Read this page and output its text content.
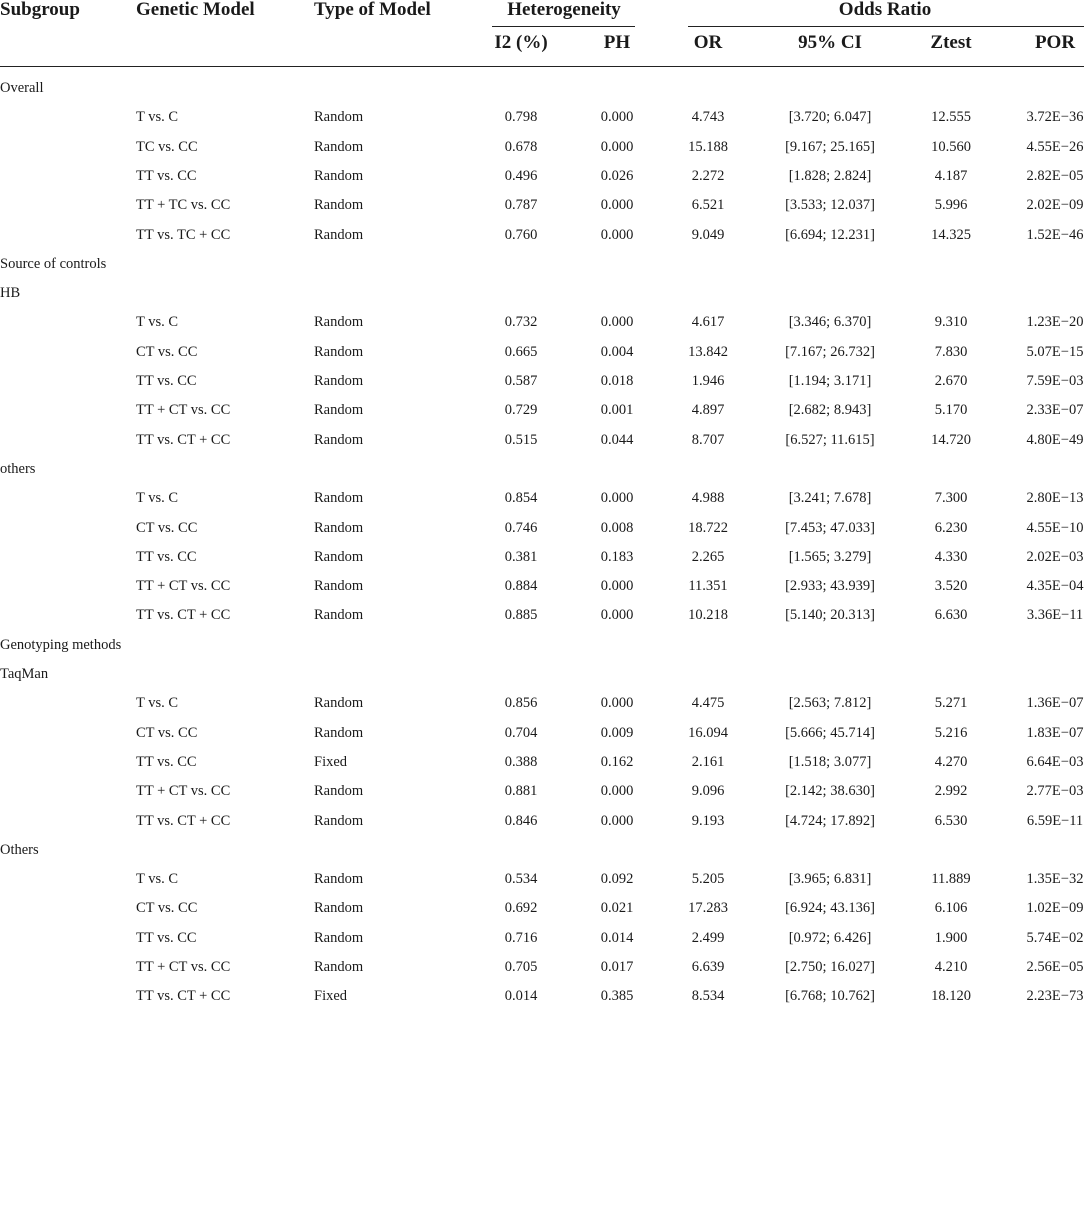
Subgroup	Genetic Model	Type of Model	Heterogeneity	Odds Ratio
I2 (%)	PH	OR	95% CI	Ztest	POR
Overall
T vs. C	Random	0.798	0.000	4.743	[3.720; 6.047]	12.555	3.72E−36
TC vs. CC	Random	0.678	0.000	15.188	[9.167; 25.165]	10.560	4.55E−26
TT vs. CC	Random	0.496	0.026	2.272	[1.828; 2.824]	4.187	2.82E−05
TT + TC vs. CC	Random	0.787	0.000	6.521	[3.533; 12.037]	5.996	2.02E−09
TT vs. TC + CC	Random	0.760	0.000	9.049	[6.694; 12.231]	14.325	1.52E−46
Source of controls
HB
T vs. C	Random	0.732	0.000	4.617	[3.346; 6.370]	9.310	1.23E−20
CT vs. CC	Random	0.665	0.004	13.842	[7.167; 26.732]	7.830	5.07E−15
TT vs. CC	Random	0.587	0.018	1.946	[1.194; 3.171]	2.670	7.59E−03
TT + CT vs. CC	Random	0.729	0.001	4.897	[2.682; 8.943]	5.170	2.33E−07
TT vs. CT + CC	Random	0.515	0.044	8.707	[6.527; 11.615]	14.720	4.80E−49
others
T vs. C	Random	0.854	0.000	4.988	[3.241; 7.678]	7.300	2.80E−13
CT vs. CC	Random	0.746	0.008	18.722	[7.453; 47.033]	6.230	4.55E−10
TT vs. CC	Random	0.381	0.183	2.265	[1.565; 3.279]	4.330	2.02E−03
TT + CT vs. CC	Random	0.884	0.000	11.351	[2.933; 43.939]	3.520	4.35E−04
TT vs. CT + CC	Random	0.885	0.000	10.218	[5.140; 20.313]	6.630	3.36E−11
Genotyping methods
TaqMan
T vs. C	Random	0.856	0.000	4.475	[2.563; 7.812]	5.271	1.36E−07
CT vs. CC	Random	0.704	0.009	16.094	[5.666; 45.714]	5.216	1.83E−07
TT vs. CC	Fixed	0.388	0.162	2.161	[1.518; 3.077]	4.270	6.64E−03
TT + CT vs. CC	Random	0.881	0.000	9.096	[2.142; 38.630]	2.992	2.77E−03
TT vs. CT + CC	Random	0.846	0.000	9.193	[4.724; 17.892]	6.530	6.59E−11
Others
T vs. C	Random	0.534	0.092	5.205	[3.965; 6.831]	11.889	1.35E−32
CT vs. CC	Random	0.692	0.021	17.283	[6.924; 43.136]	6.106	1.02E−09
TT vs. CC	Random	0.716	0.014	2.499	[0.972; 6.426]	1.900	5.74E−02
TT + CT vs. CC	Random	0.705	0.017	6.639	[2.750; 16.027]	4.210	2.56E−05
TT vs. CT + CC	Fixed	0.014	0.385	8.534	[6.768; 10.762]	18.120	2.23E−73
